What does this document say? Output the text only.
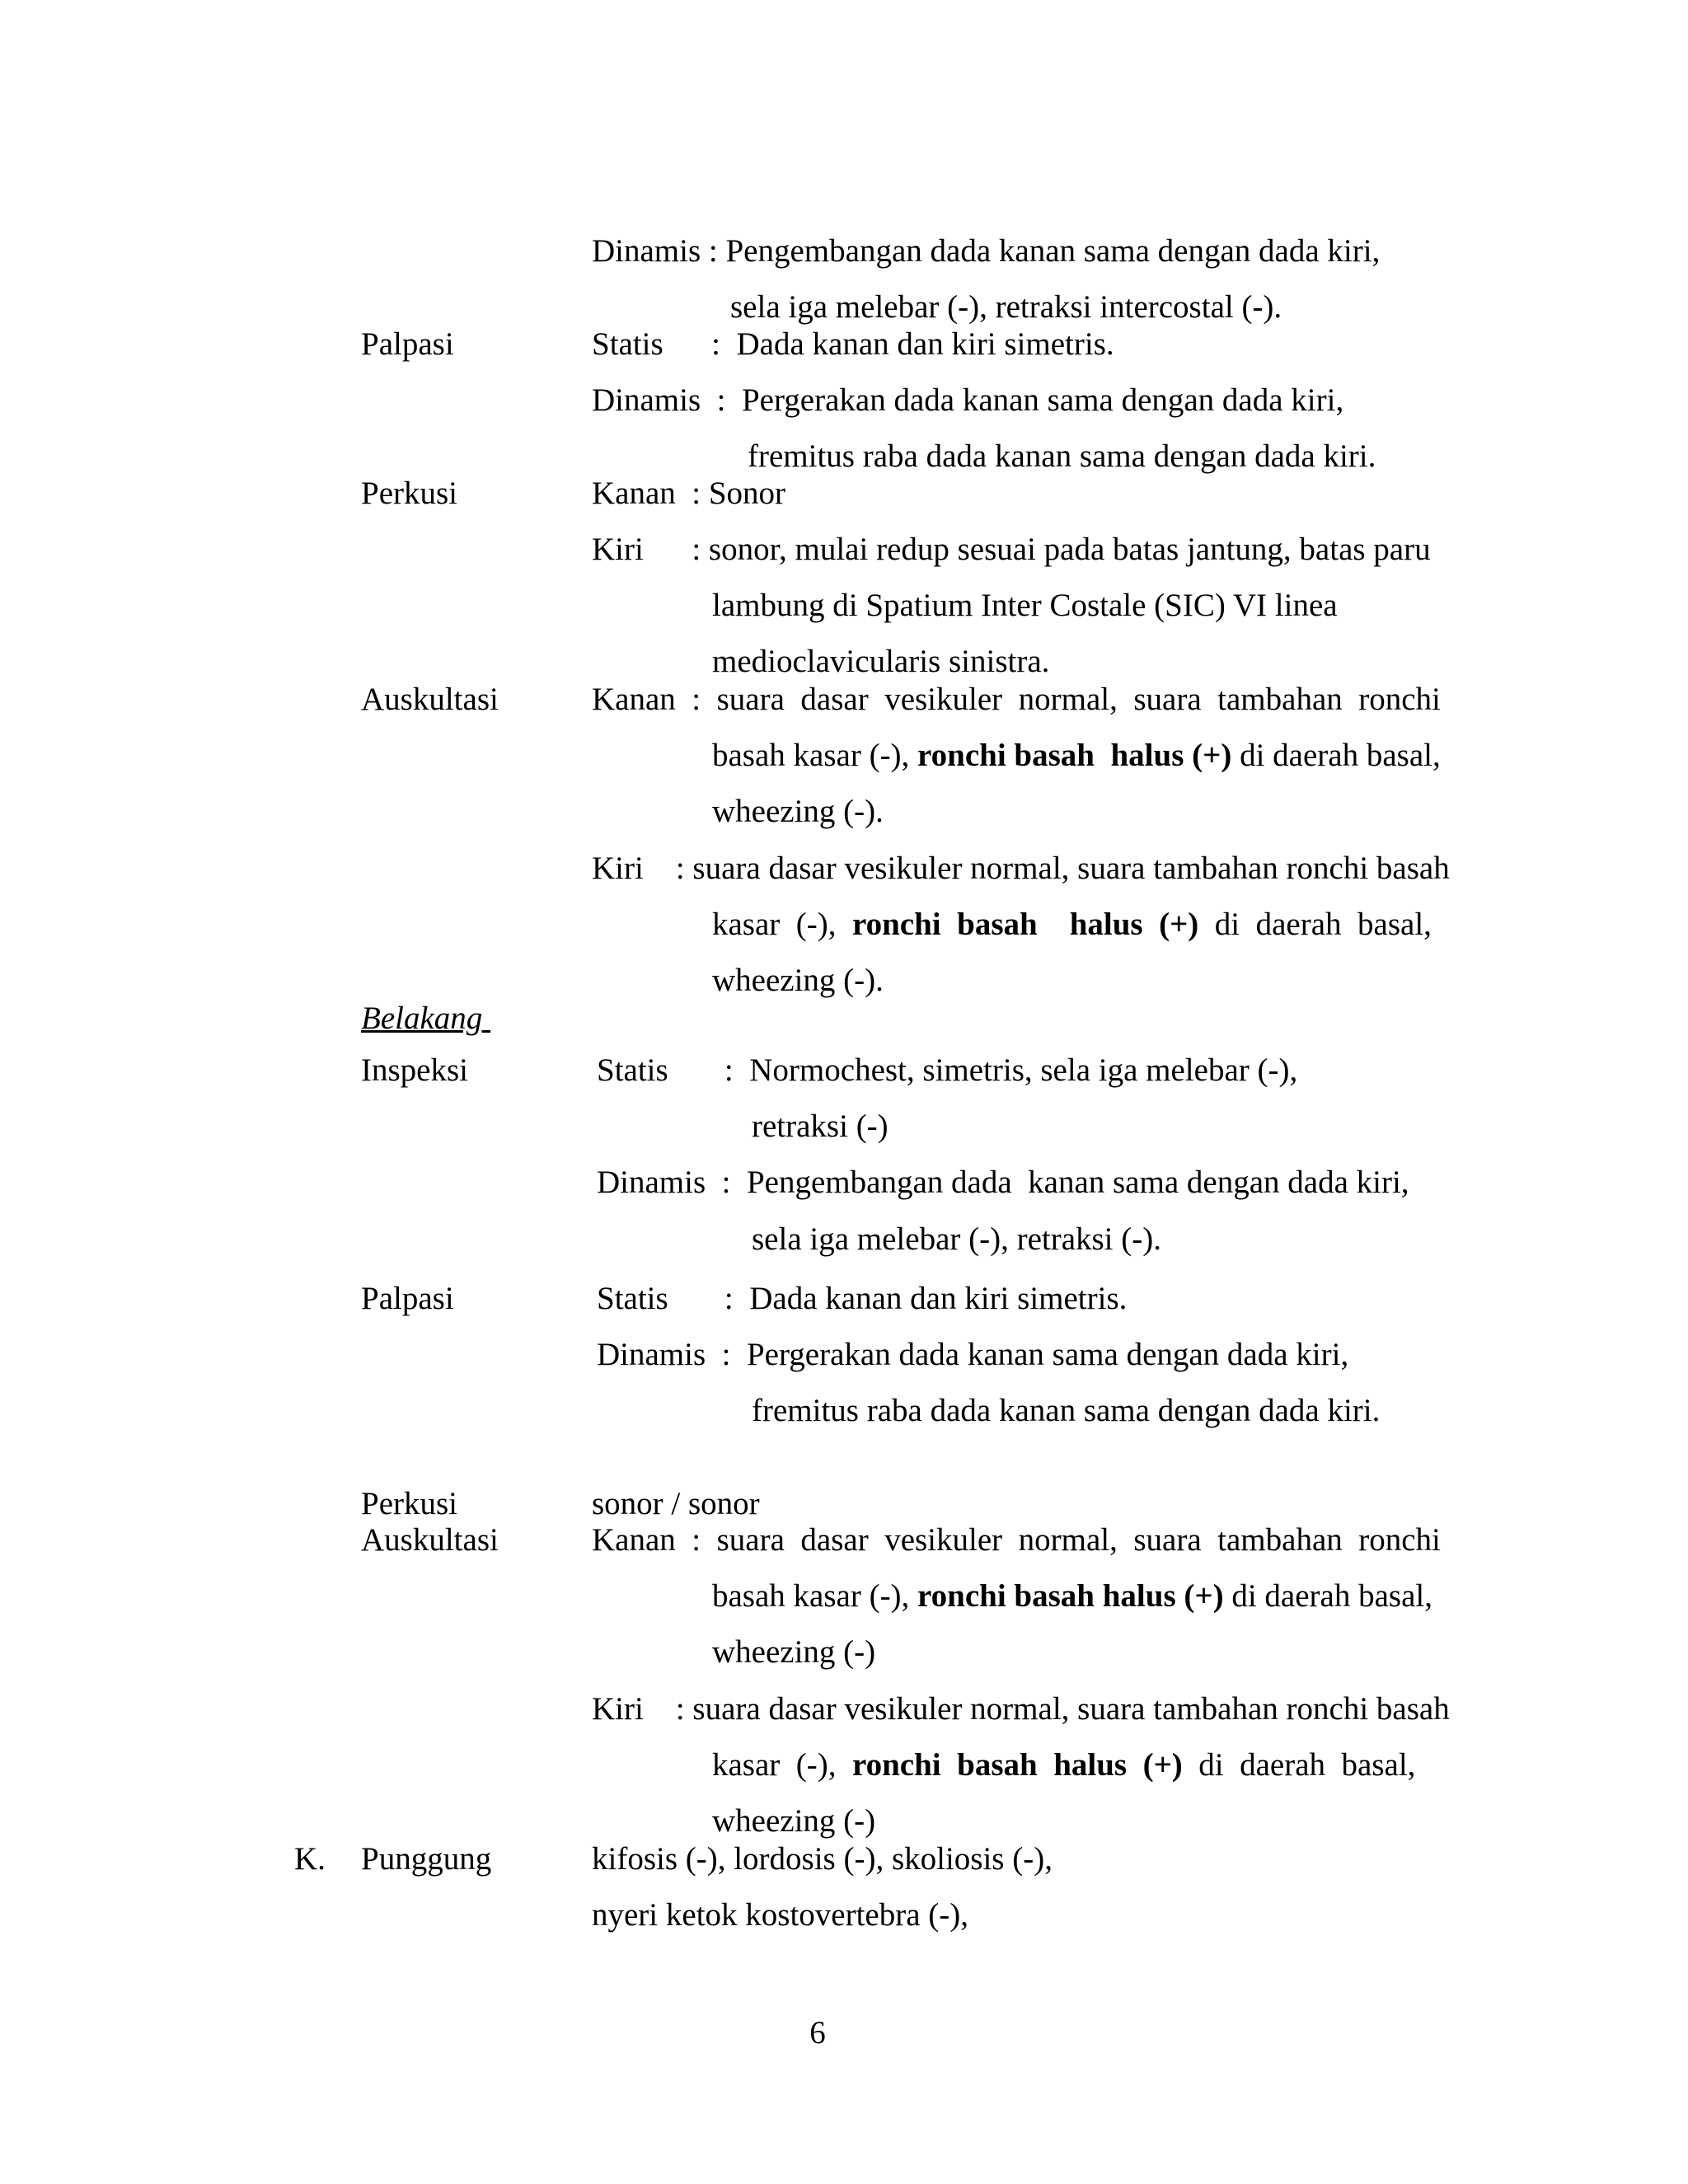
Dinamis : Pengembangan dada kanan sama dengan dada kiri,
sela iga melebar (-), retraksi intercostal (-).
Palpasi	Statis      :  Dada kanan dan kiri simetris.
Dinamis  :  Pergerakan dada kanan sama dengan dada kiri,
fremitus raba dada kanan sama dengan dada kiri.
Perkusi	Kanan  : Sonor
Kiri      : sonor, mulai redup sesuai pada batas jantung, batas paru
lambung di Spatium Inter Costale (SIC) VI linea
medioclavicularis sinistra.
Auskultasi	Kanan  :  suara  dasar  vesikuler  normal,  suara  tambahan  ronchi
basah kasar (-), ronchi basah  halus (+) di daerah basal,
wheezing (-).
Kiri    : suara dasar vesikuler normal, suara tambahan ronchi basah
kasar  (-),  ronchi  basah    halus  (+)  di  daerah  basal,
wheezing (-).
Belakang
Inspeksi	Statis       :  Normochest, simetris, sela iga melebar (-),
retraksi (-)
Dinamis  :  Pengembangan dada  kanan sama dengan dada kiri,
sela iga melebar (-), retraksi (-).
Palpasi	Statis       :  Dada kanan dan kiri simetris.
Dinamis  :  Pergerakan dada kanan sama dengan dada kiri,
fremitus raba dada kanan sama dengan dada kiri.
Perkusi	sonor / sonor
Auskultasi	Kanan  :  suara  dasar  vesikuler  normal,  suara  tambahan  ronchi
basah kasar (-), ronchi basah halus (+) di daerah basal,
wheezing (-)
Kiri    : suara dasar vesikuler normal, suara tambahan ronchi basah
kasar  (-),  ronchi  basah  halus  (+)  di  daerah  basal,
wheezing (-)
K. Punggung	kifosis (-), lordosis (-), skoliosis (-),
nyeri ketok kostovertebra (-),
6
